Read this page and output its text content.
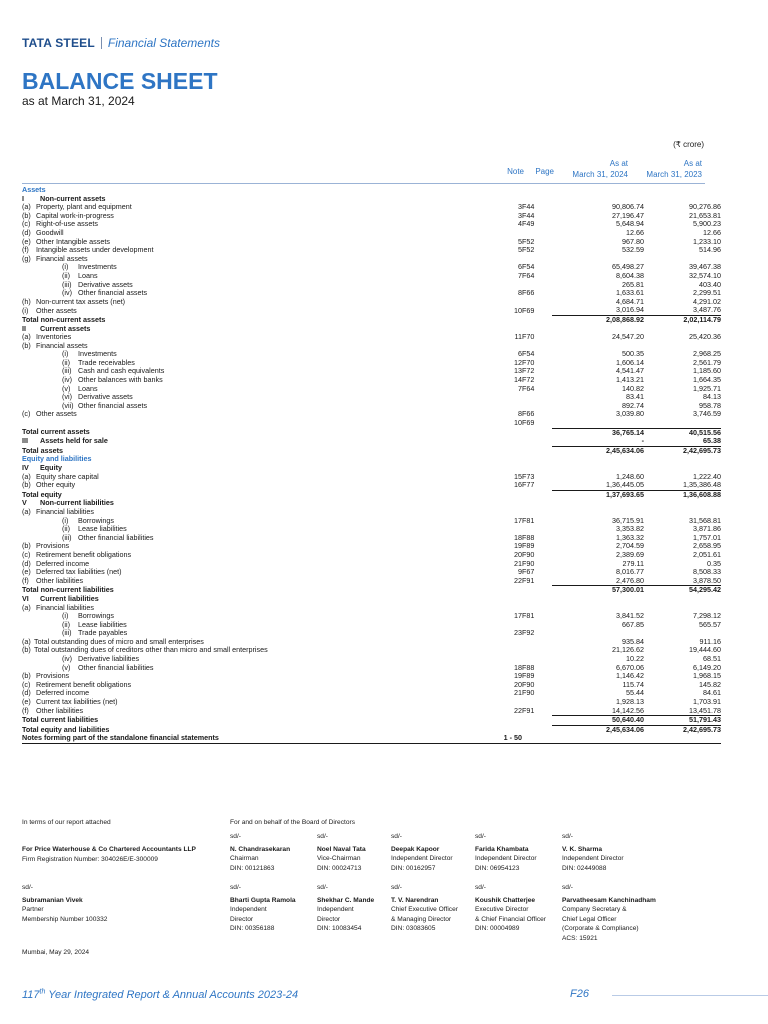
TATA STEEL Financial Statements
BALANCE SHEET
as at March 31, 2024
(₹ crore)
Note	Page
As at
March 31, 2024
As at
March 31, 2023
Assets				
I Non-current assets				
(a) Property, plant and equipment	3	F44	90,806.74	90,276.86
(b) Capital work-in-progress	3	F44	27,196.47	21,653.81
(c) Right-of-use assets	4	F49	5,648.94	5,900.23
(d) Goodwill			12.66	12.66
(e) Other Intangible assets	5	F52	967.80	1,233.10
(f) Intangible assets under development	5	F52	532.59	514.96
(g) Financial assets				
(i) Investments	6	F54	65,498.27	39,467.38
(ii) Loans	7	F64	8,604.38	32,574.10
(iii) Derivative assets			265.81	403.40
(iv) Other financial assets	8	F66	1,633.61	2,299.51
(h) Non-current tax assets (net)			4,684.71	4,291.02
(i) Other assets	10	F69	3,016.94	3,487.76
Total non-current assets			2,08,868.92	2,02,114.79
II Current assets				
(a) Inventories	11	F70	24,547.20	25,420.36
(b) Financial assets				
(i) Investments	6	F54	500.35	2,968.25
(ii) Trade receivables	12	F70	1,606.14	2,561.79
(iii) Cash and cash equivalents	13	F72	4,541.47	1,185.60
(iv) Other balances with banks	14	F72	1,413.21	1,664.35
(v) Loans	7	F64	140.82	1,925.71
(vi) Derivative assets			83.41	84.13
(vii) Other financial assets			892.74	958.78
(c) Other assets	8	F66	3,039.80	3,746.59
	10	F69		
Total current assets			36,765.14	40,515.56
III Assets held for sale			-	65.38
Total assets			2,45,634.06	2,42,695.73
Equity and liabilities				
IV Equity				
(a) Equity share capital	15	F73	1,248.60	1,222.40
(b) Other equity	16	F77	1,36,445.05	1,35,386.48
Total equity			1,37,693.65	1,36,608.88
V Non-current liabilities				
(a) Financial liabilities				
(i) Borrowings	17	F81	36,715.91	31,568.81
(ii) Lease liabilities			3,353.82	3,871.86
(iii) Other financial liabilities	18	F88	1,363.32	1,757.01
(b) Provisions	19	F89	2,704.59	2,658.95
(c) Retirement benefit obligations	20	F90	2,389.69	2,051.61
(d) Deferred income	21	F90	279.11	0.35
(e) Deferred tax liabilities (net)	9	F67	8,016.77	8,508.33
(f) Other liabilities	22	F91	2,476.80	3,878.50
Total non-current liabilities			57,300.01	54,295.42
VI Current liabilities				
(a) Financial liabilities				
(i) Borrowings	17	F81	3,841.52	7,298.12
(ii) Lease liabilities			667.85	565.57
(iii) Trade payables	23	F92		
(a) Total outstanding dues of micro and small enterprises			935.84	911.16
(b) Total outstanding dues of creditors other than micro and small enterprises			21,126.62	19,444.60
(iv) Derivative liabilities			10.22	68.51
(v) Other financial liabilities	18	F88	6,670.06	6,149.20
(b) Provisions	19	F89	1,146.42	1,968.15
(c) Retirement benefit obligations	20	F90	115.74	145.82
(d) Deferred income	21	F90	55.44	84.61
(e) Current tax liabilities (net)			1,928.13	1,703.91
(f) Other liabilities	22	F91	14,142.56	13,451.78
Total current liabilities			50,640.40	51,791.43
Total equity and liabilities			2,45,634.06	2,42,695.73
Notes forming part of the standalone financial statements	1 - 50			
In terms of our report attached	For and on behalf of the Board of Directors
For Price Waterhouse & Co Chartered Accountants LLP
Firm Registration Number: 304026E/E-300009
sd/-
N. Chandrasekaran
Chairman
DIN: 00121863
sd/-
Noel Naval Tata
Vice-Chairman
DIN: 00024713
sd/-
Deepak Kapoor
Independent Director
DIN: 00162957
sd/-
Farida Khambata
Independent Director
DIN: 06954123
sd/-
V. K. Sharma
Independent Director
DIN: 02449088
sd/-
Subramanian Vivek
Partner
Membership Number 100332
sd/-
Bharti Gupta Ramola
Independent
Director
DIN: 00356188
sd/-
Shekhar C. Mande
Independent
Director
DIN: 10083454
sd/-
T. V. Narendran
Chief Executive Officer
& Managing Director
DIN: 03083605
sd/-
Koushik Chatterjee
Executive Director
& Chief Financial Officer
DIN: 00004989
sd/-
Parvatheesam Kanchinadham
Company Secretary &
Chief Legal Officer
(Corporate & Compliance)
ACS: 15921
Mumbai, May 29, 2024
117th Year Integrated Report & Annual Accounts 2023-24	F26
